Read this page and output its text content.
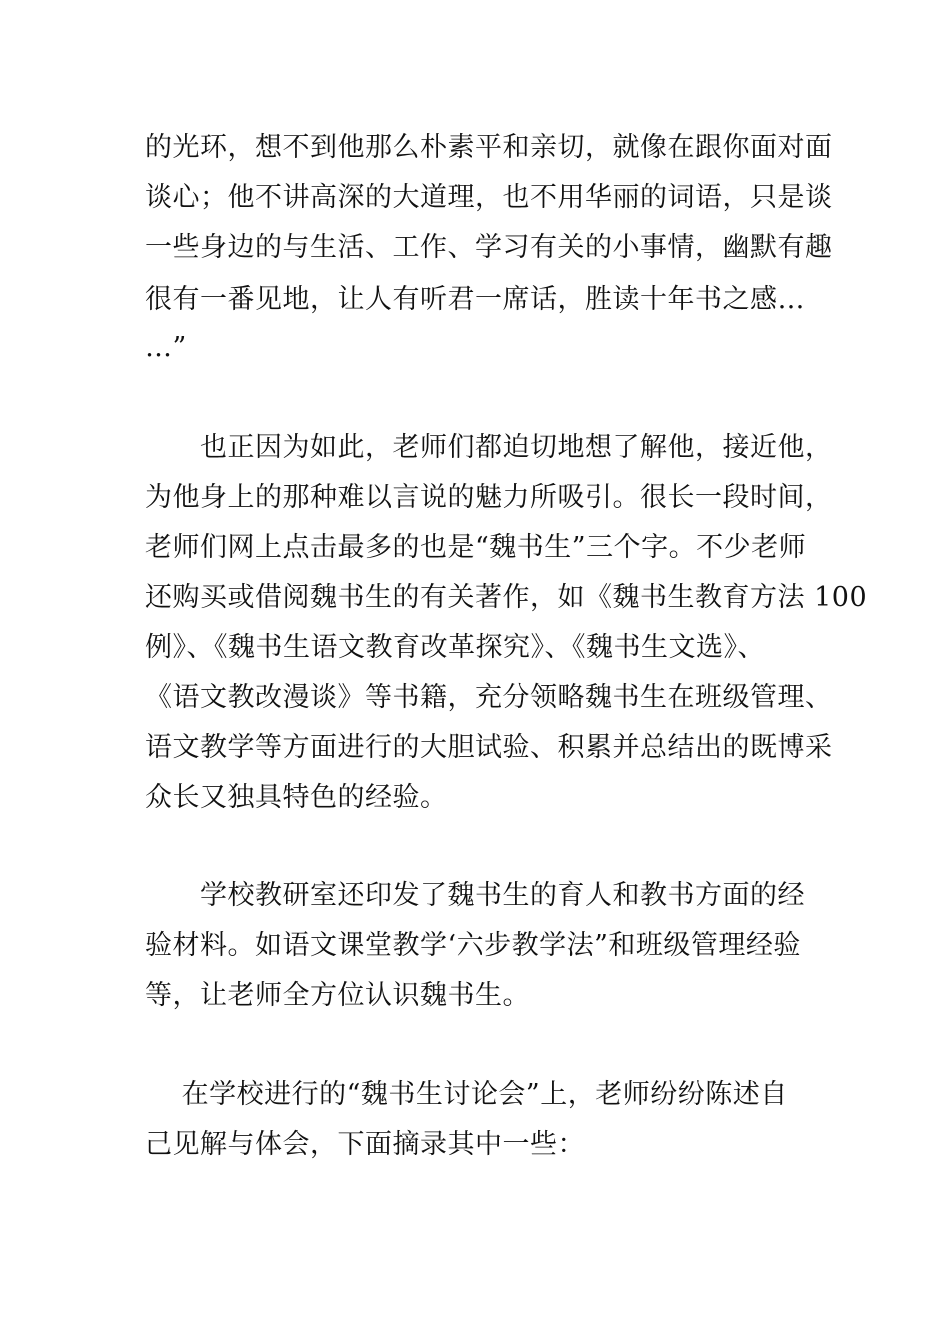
的光环，想不到他那么朴素平和亲切，就像在跟你面对面
谈心；他不讲高深的大道理，也不用华丽的词语，只是谈
一些身边的与生活、工作、学习有关的小事情，幽默有趣
很有一番见地，让人有听君一席话，胜读十年书之感…
…”
　　也正因为如此，老师们都迫切地想了解他，接近他，
为他身上的那种难以言说的魅力所吸引。很长一段时间，
老师们网上点击最多的也是“魏书生”三个字。不少老师
还购买或借阅魏书生的有关著作，如《魏书生教育方法 100
例》、《魏书生语文教育改革探究》、《魏书生文选》、
《语文教改漫谈》等书籍，充分领略魏书生在班级管理、
语文教学等方面进行的大胆试验、积累并总结出的既博采
众长又独具特色的经验。
　　学校教研室还印发了魏书生的育人和教书方面的经
验材料。如语文课堂教学‘六步教学法”和班级管理经验
等，让老师全方位认识魏书生。
　 在学校进行的“魏书生讨论会”上，老师纷纷陈述自
己见解与体会，下面摘录其中一些：
